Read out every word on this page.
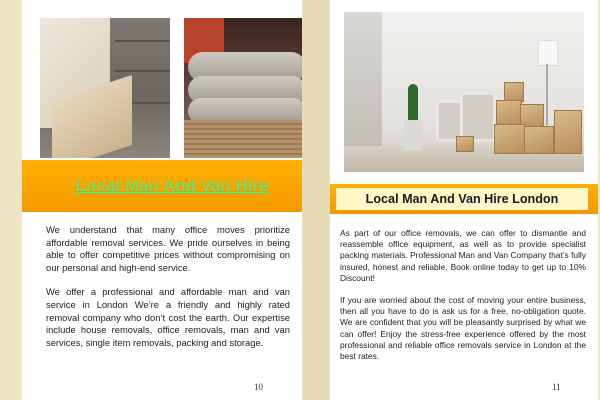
Local Man And Van Hire

We understand that many office moves prioritize affordable removal services. We pride ourselves in being able to offer competitive prices without compromising on our personal and high-end service.

We offer a professional and affordable man and van service in London We’re a friendly and highly rated removal company who don’t cost the earth. Our expertise include house removals, office removals, man and van services, single item removals, packing and storage.

10
Local Man And Van Hire London

As part of our office removals, we can offer to dismantle and reassemble office equipment, as well as to provide specialist packing materials. Professional Man and Van Company that’s fully insured, honest and reliable. Book online today to get up to 10% Discount!

If you are worried about the cost of moving your entire business, then all you have to do is ask us for a free, no-obligation quote. We are confident that you will be pleasantly surprised by what we can offer! Enjoy the stress-free experience offered by the most professional and reliable office removals service in London at the best rates.

11
